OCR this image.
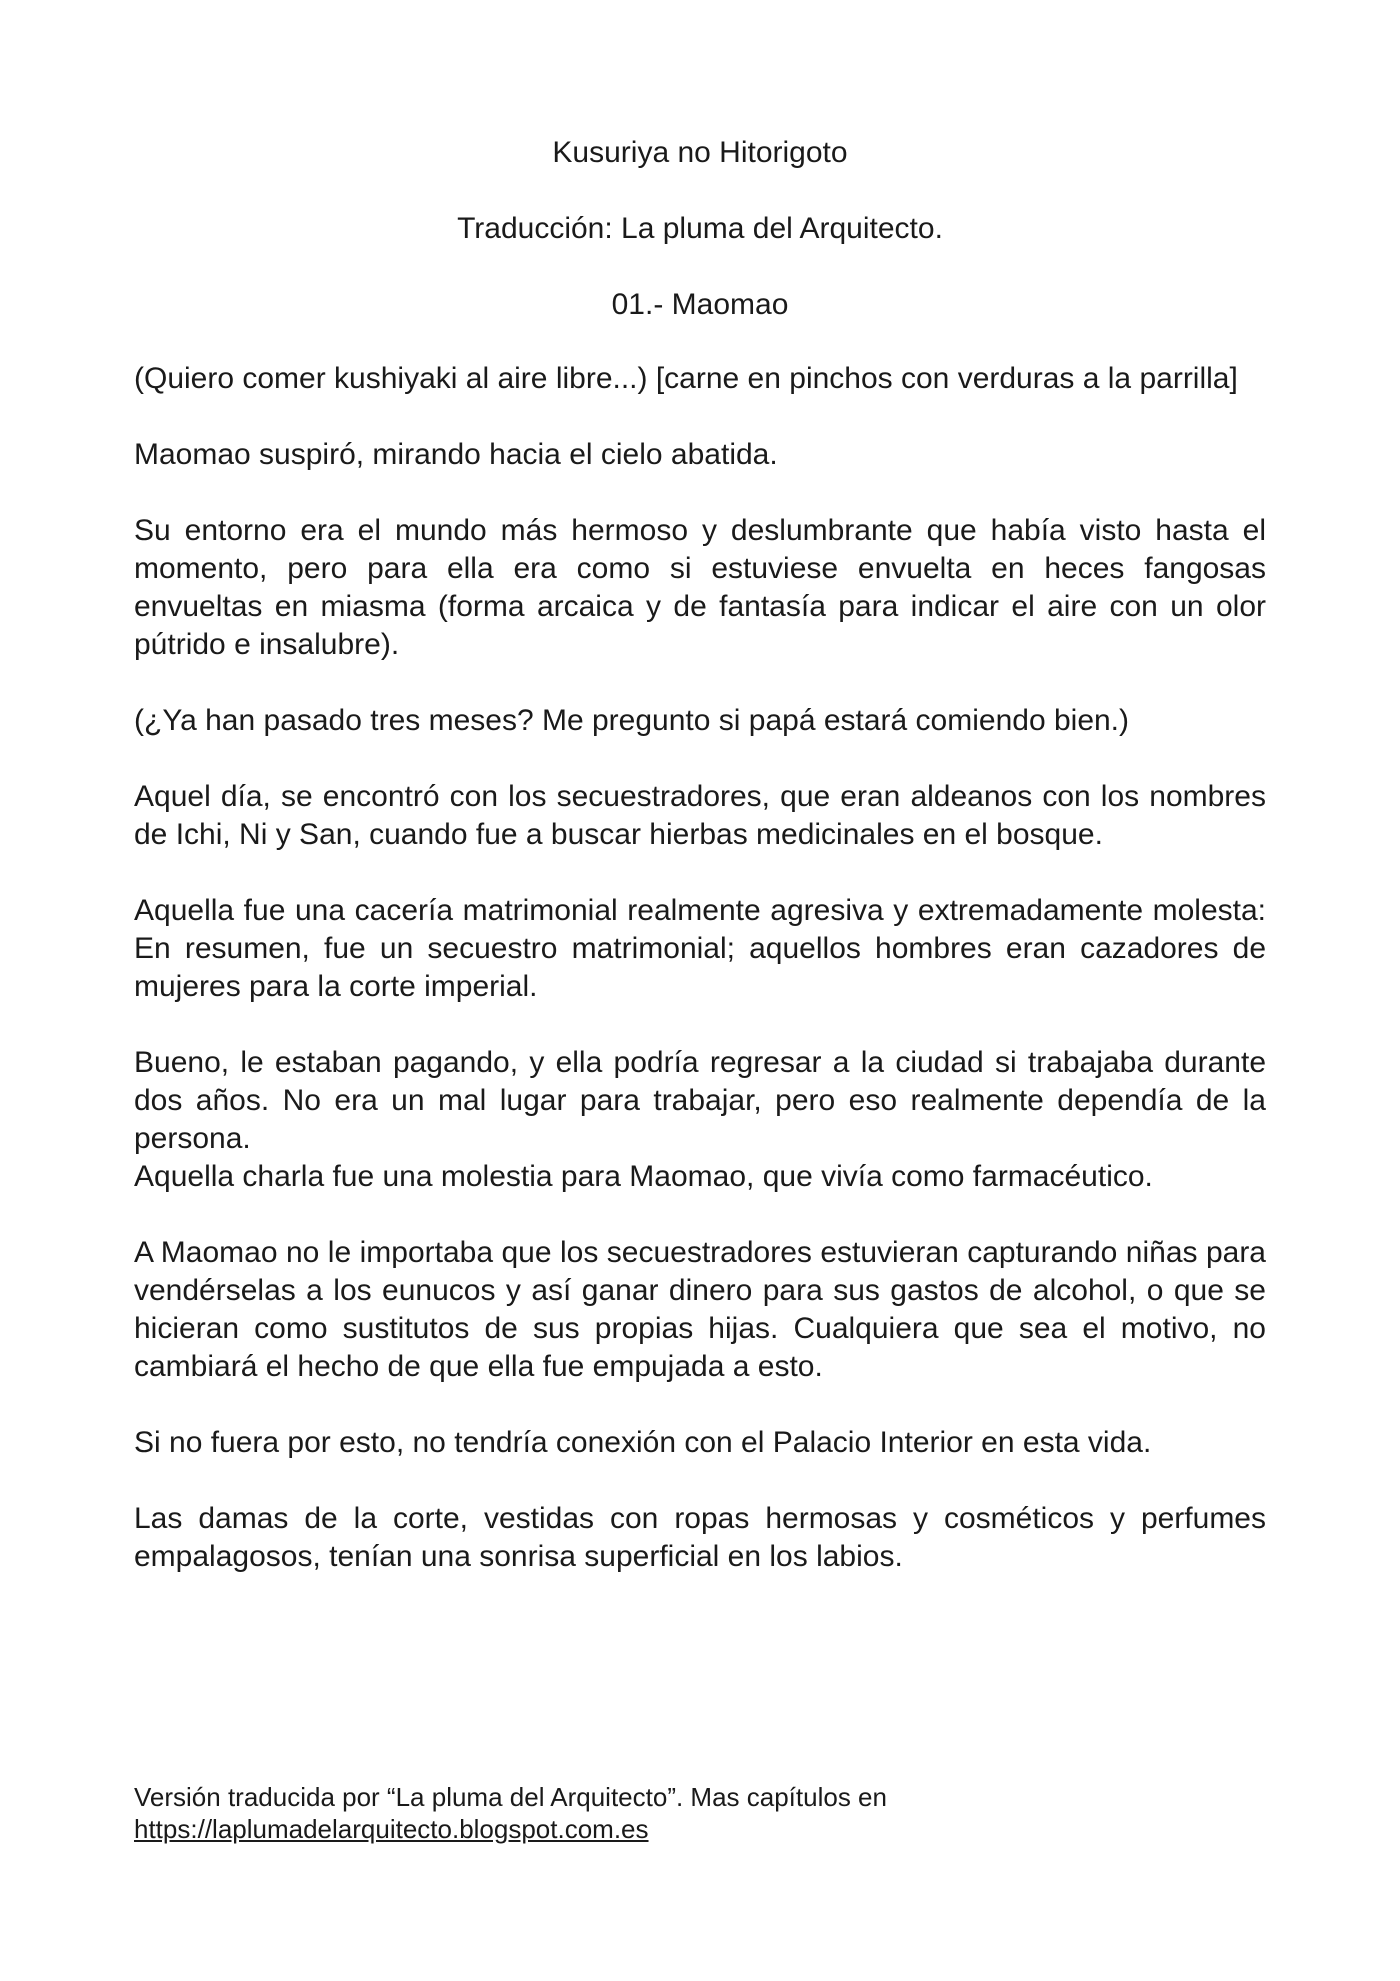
Kusuriya no Hitorigoto
Traducción: La pluma del Arquitecto.
01.- Maomao

(Quiero comer kushiyaki al aire libre...) [carne en pinchos con verduras a la parrilla]

Maomao suspiró, mirando hacia el cielo abatida.

Su entorno era el mundo más hermoso y deslumbrante que había visto hasta el momento, pero para ella era como si estuviese envuelta en heces fangosas envueltas en miasma (forma arcaica y de fantasía para indicar el aire con un olor pútrido e insalubre).

(¿Ya han pasado tres meses? Me pregunto si papá estará comiendo bien.)

Aquel día, se encontró con los secuestradores, que eran aldeanos con los nombres de Ichi, Ni y San, cuando fue a buscar hierbas medicinales en el bosque.

Aquella fue una cacería matrimonial realmente agresiva y extremadamente molesta: En resumen, fue un secuestro matrimonial; aquellos hombres eran cazadores de mujeres para la corte imperial.

Bueno, le estaban pagando, y ella podría regresar a la ciudad si trabajaba durante dos años. No era un mal lugar para trabajar, pero eso realmente dependía de la persona.

Aquella charla fue una molestia para Maomao, que vivía como farmacéutico.

A Maomao no le importaba que los secuestradores estuvieran capturando niñas para vendérselas a los eunucos y así ganar dinero para sus gastos de alcohol, o que se hicieran como sustitutos de sus propias hijas. Cualquiera que sea el motivo, no cambiará el hecho de que ella fue empujada a esto.

Si no fuera por esto, no tendría conexión con el Palacio Interior en esta vida.

Las damas de la corte, vestidas con ropas hermosas y cosméticos y perfumes empalagosos, tenían una sonrisa superficial en los labios.

Versión traducida por “La pluma del Arquitecto”. Mas capítulos en
https://laplumadelarquitecto.blogspot.com.es
